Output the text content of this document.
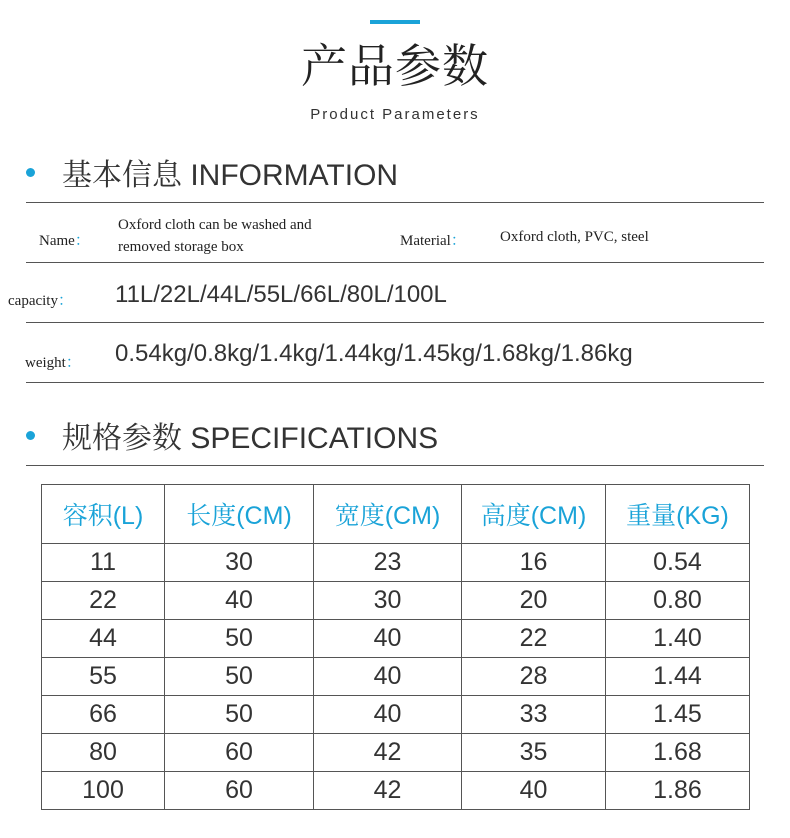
产品参数
Product Parameters
基本信息 INFORMATION
Name：
Oxford cloth can be washed and
removed storage box	Material： Oxford cloth, PVC, steel
capacity： 11L/22L/44L/55L/66L/80L/100L
weight： 0.54kg/0.8kg/1.4kg/1.44kg/1.45kg/1.68kg/1.86kg
规格参数 SPECIFICATIONS
容积(L)	长度(CM)	宽度(CM)	高度(CM)	重量(KG)
11	30	23	16	0.54
22	40	30	20	0.80
44	50	40	22	1.40
55	50	40	28	1.44
66	50	40	33	1.45
80	60	42	35	1.68
100	60	42	40	1.86
